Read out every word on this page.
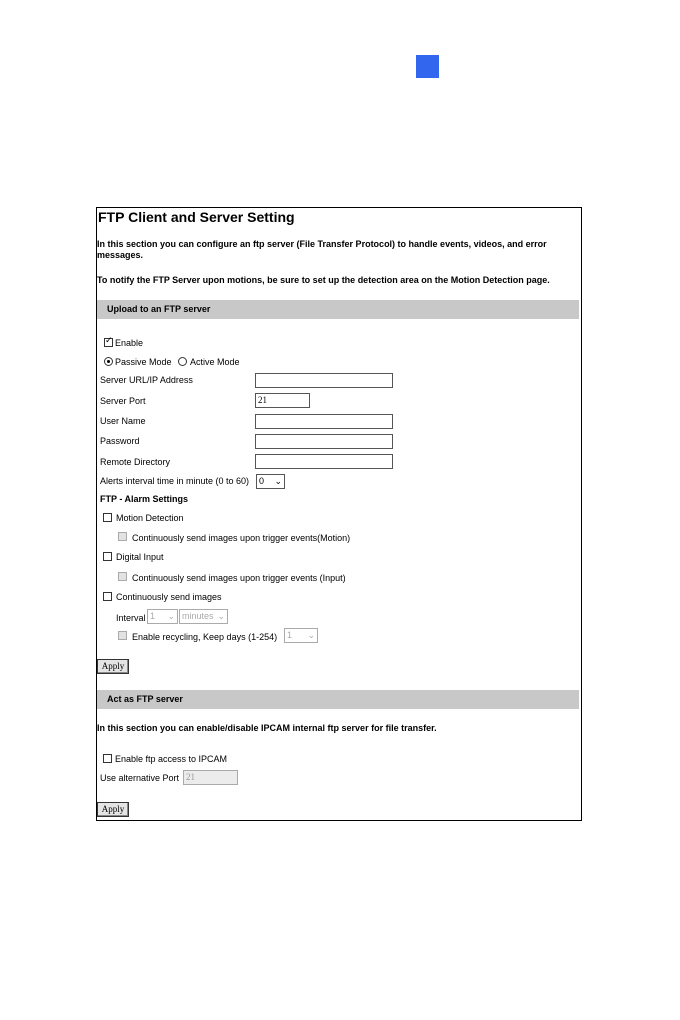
FTP Client and Server Setting
In this section you can configure an ftp server (File Transfer Protocol) to handle events, videos, and error messages.
To notify the FTP Server upon motions, be sure to set up the detection area on the Motion Detection page.
Upload to an FTP server
✓ Enable
Passive Mode Active Mode
Server URL/IP Address
Server Port	21
User Name
Password
Remote Directory
Alerts interval time in minute (0 to 60)	0 ⌄
FTP - Alarm Settings
Motion Detection
Continuously send images upon trigger events(Motion)
Digital Input
Continuously send images upon trigger events (Input)
Continuously send images
Interval 1 ⌄ minutes ⌄
Enable recycling, Keep days (1-254)	1 ⌄
Apply
Act as FTP server
In this section you can enable/disable IPCAM internal ftp server for file transfer.
Enable ftp access to IPCAM
Use alternative Port 21
Apply
